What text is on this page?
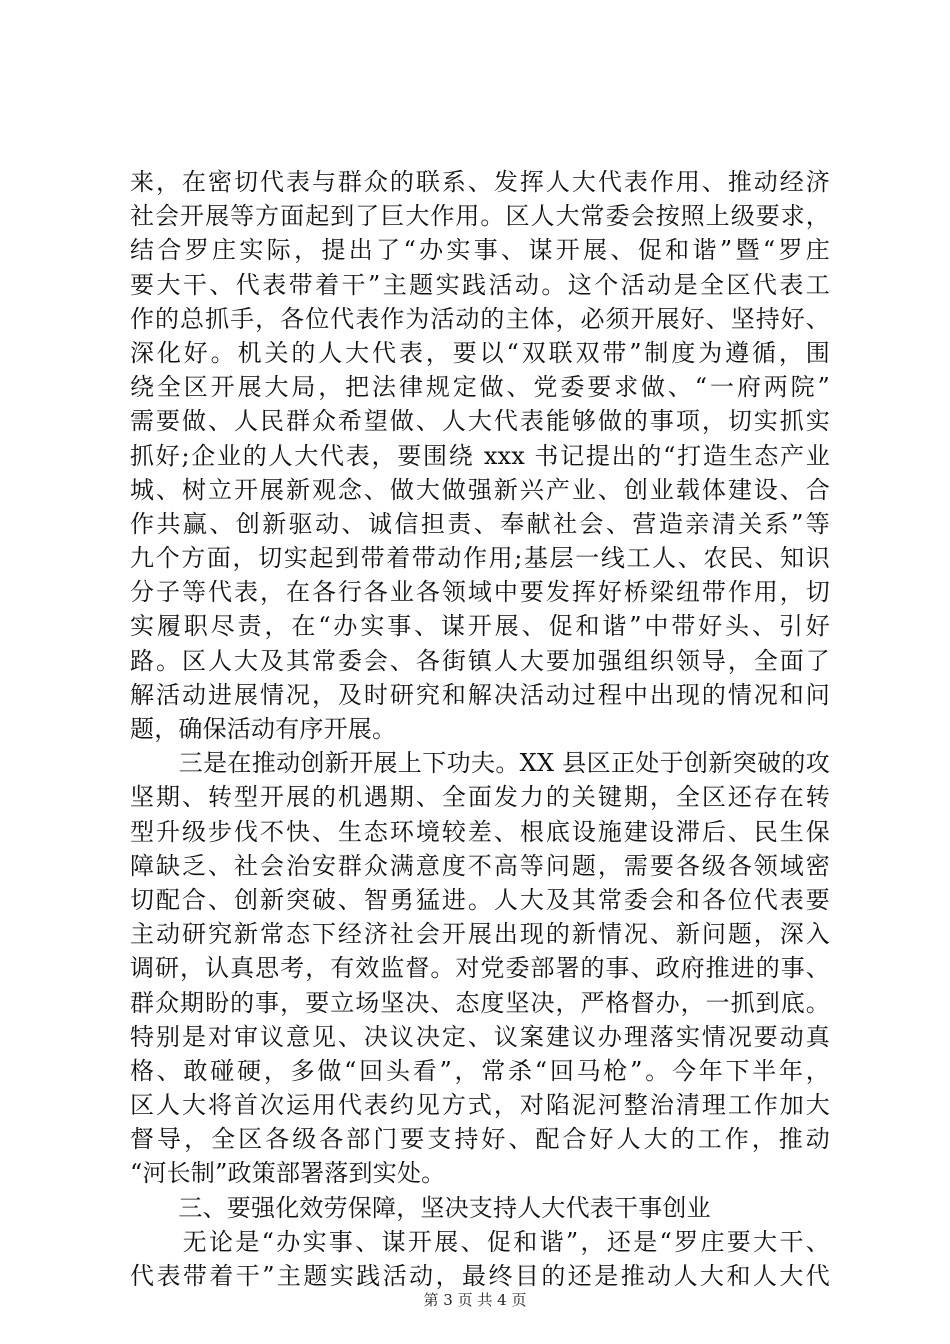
来，在密切代表与群众的联系、发挥人大代表作用、推动经济
社会开展等方面起到了巨大作用。区人大常委会按照上级要求，
结合罗庄实际，提出了“办实事、谋开展、促和谐”暨“罗庄
要大干、代表带着干”主题实践活动。这个活动是全区代表工
作的总抓手，各位代表作为活动的主体，必须开展好、坚持好、
深化好。机关的人大代表，要以“双联双带”制度为遵循，围
绕全区开展大局，把法律规定做、党委要求做、“一府两院”
需要做、人民群众希望做、人大代表能够做的事项，切实抓实
抓好;企业的人大代表，要围绕 xxx 书记提出的“打造生态产业
城、树立开展新观念、做大做强新兴产业、创业载体建设、合
作共赢、创新驱动、诚信担责、奉献社会、营造亲清关系”等
九个方面，切实起到带着带动作用;基层一线工人、农民、知识
分子等代表，在各行各业各领域中要发挥好桥梁纽带作用，切
实履职尽责，在“办实事、谋开展、促和谐”中带好头、引好
路。区人大及其常委会、各街镇人大要加强组织领导，全面了
解活动进展情况，及时研究和解决活动过程中出现的情况和问
题，确保活动有序开展。
　　三是在推动创新开展上下功夫。XX 县区正处于创新突破的攻
坚期、转型开展的机遇期、全面发力的关键期，全区还存在转
型升级步伐不快、生态环境较差、根底设施建设滞后、民生保
障缺乏、社会治安群众满意度不高等问题，需要各级各领域密
切配合、创新突破、智勇猛进。人大及其常委会和各位代表要
主动研究新常态下经济社会开展出现的新情况、新问题，深入
调研，认真思考，有效监督。对党委部署的事、政府推进的事、
群众期盼的事，要立场坚决、态度坚决，严格督办，一抓到底。
特别是对审议意见、决议决定、议案建议办理落实情况要动真
格、敢碰硬，多做“回头看”，常杀“回马枪”。今年下半年，
区人大将首次运用代表约见方式，对陷泥河整治清理工作加大
督导，全区各级各部门要支持好、配合好人大的工作，推动
“河长制”政策部署落到实处。
　　三、要强化效劳保障，坚决支持人大代表干事创业
　　无论是“办实事、谋开展、促和谐”，还是“罗庄要大干、
代表带着干”主题实践活动，最终目的还是推动人大和人大代
第 3 页 共 4 页
